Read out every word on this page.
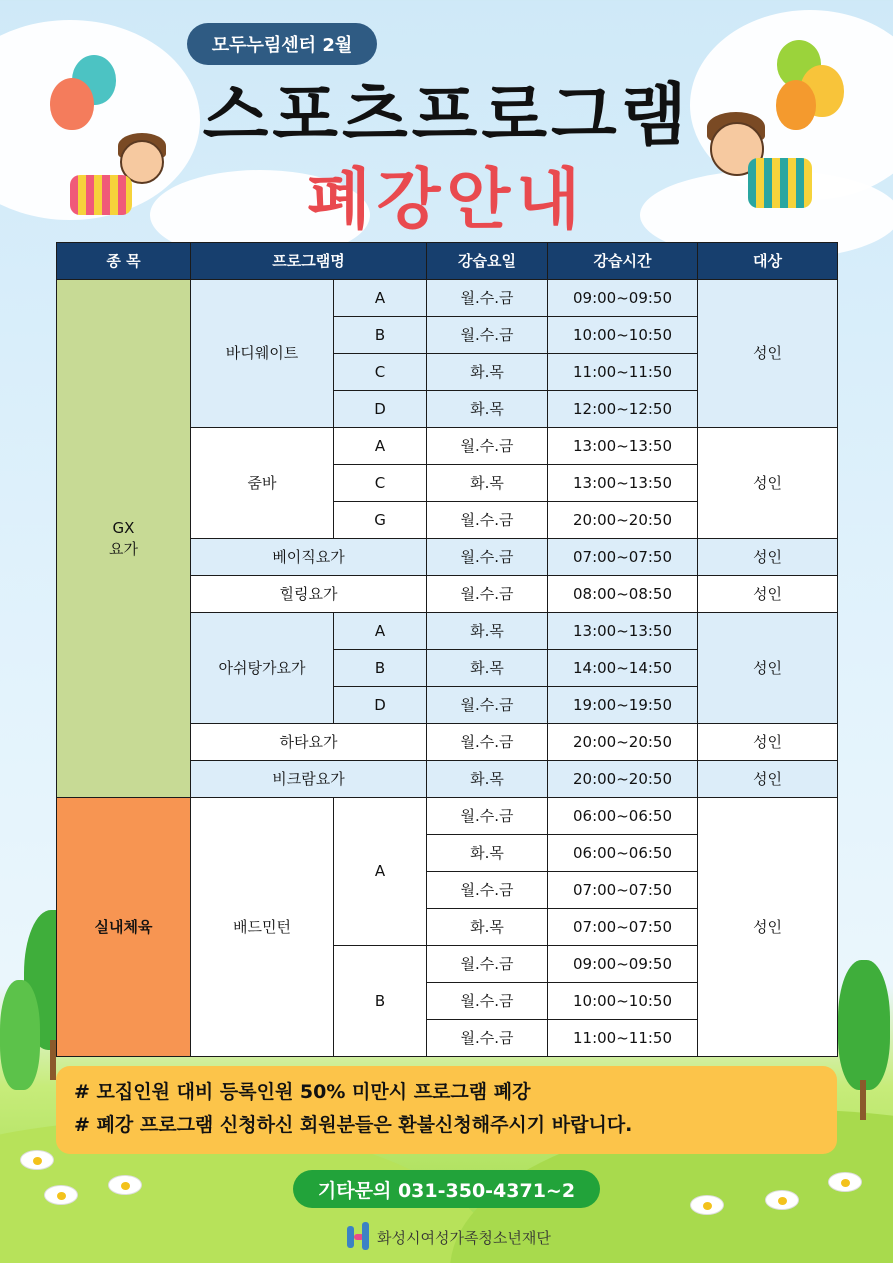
모두누림센터 2월
스포츠프로그램
폐강안내
종 목	프로그램명		강습요일	강습시간	대상
GX
요가	바디웨이트	A	월.수.금	09:00~09:50	성인
		B	월.수.금	10:00~10:50	
		C	화.목	11:00~11:50	
		D	화.목	12:00~12:50	
	줌바	A	월.수.금	13:00~13:50	성인
		C	화.목	13:00~13:50	
		G	월.수.금	20:00~20:50	
	베이직요가		월.수.금	07:00~07:50	성인
	힐링요가		월.수.금	08:00~08:50	성인
	아쉬탕가요가	A	화.목	13:00~13:50	성인
		B	화.목	14:00~14:50	
		D	월.수.금	19:00~19:50	
	하타요가		월.수.금	20:00~20:50	성인
	비크람요가		화.목	20:00~20:50	성인
실내체육	배드민턴	A	월.수.금	06:00~06:50	성인
			화.목	06:00~06:50	
			월.수.금	07:00~07:50	
			화.목	07:00~07:50	
		B	월.수.금	09:00~09:50	
			월.수.금	10:00~10:50	
			월.수.금	11:00~11:50	

# 모집인원 대비 등록인원 50% 미만시 프로그램 폐강

# 폐강 프로그램 신청하신 회원분들은 환불신청해주시기 바랍니다.

기타문의 031-350-4371~2
화성시여성가족청소년재단
